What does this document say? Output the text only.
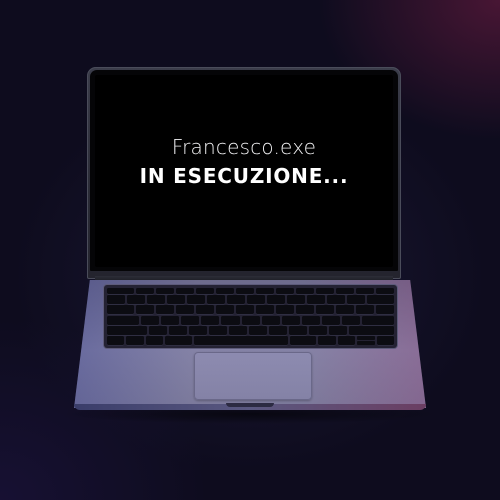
Francesco.exe
IN ESECUZIONE...
